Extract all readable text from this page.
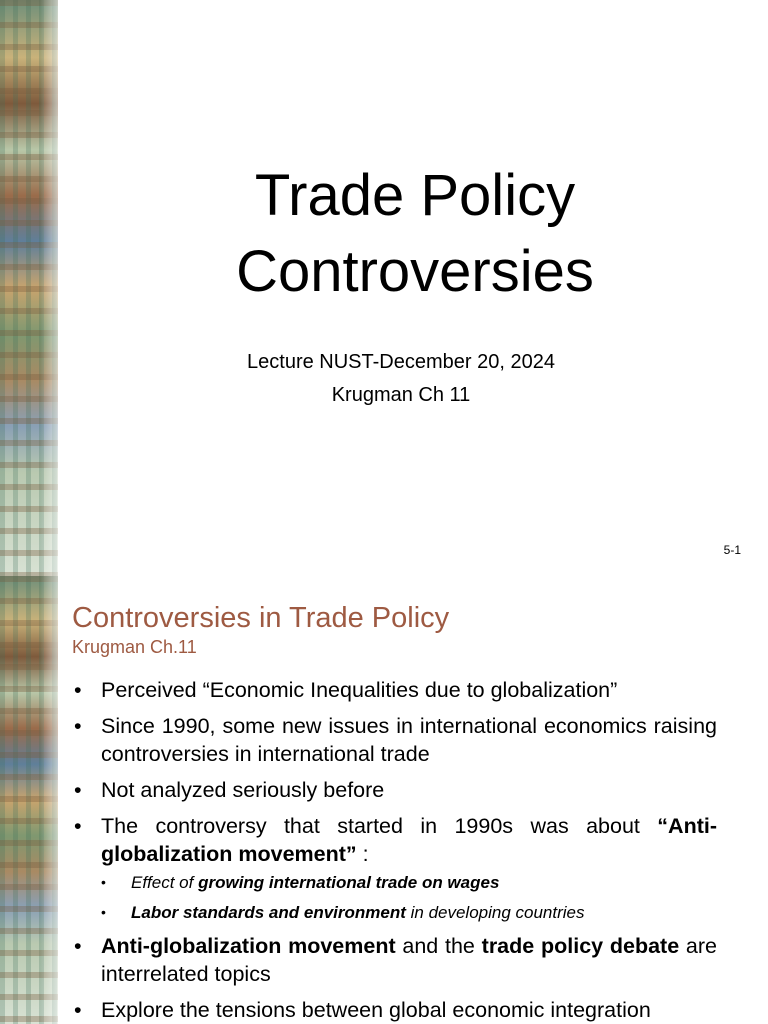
Trade Policy
Controversies
Lecture NUST-December 20, 2024
Krugman Ch 11
5-1
Controversies in Trade Policy
Krugman Ch.11
• Perceived “Economic Inequalities due to globalization”
• Since 1990, some new issues in international economics raising controversies in international trade
• Not analyzed seriously before
• The controversy that started in 1990s was about “Anti-globalization movement” :
• Effect of growing international trade on wages
• Labor standards and environment in developing countries
• Anti-globalization movement and the trade policy debate are interrelated topics
• Explore the tensions between global economic integration
